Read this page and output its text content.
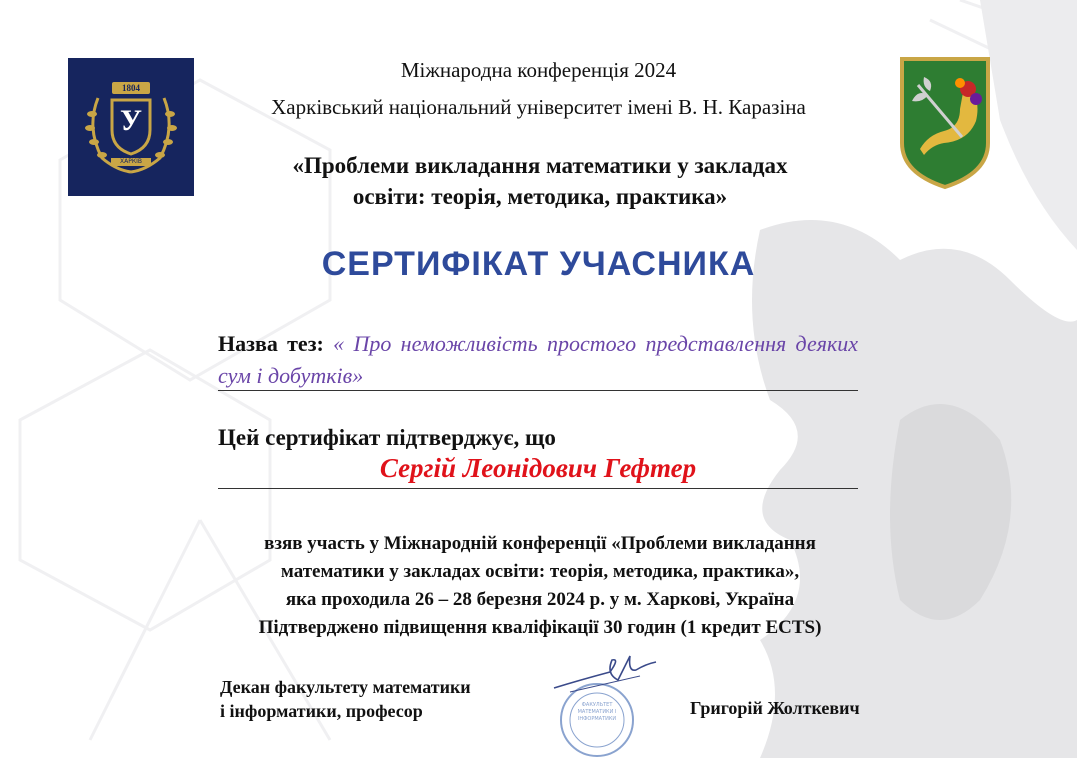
1804
У
ХАРКІВ
Міжнародна конференція 2024
Харківський національний університет імені В. Н. Каразіна
«Проблеми викладання математики у закладах
освіти: теорія, методика, практика»
СЕРТИФІКАТ УЧАСНИКА
Назва тез: « Про неможливість простого представлення деяких сум і добутків»
Цей сертифікат підтверджує, що
Сергій Леонідович Гефтер
взяв участь у Міжнародній конференції «Проблеми викладання
математики у закладах освіти: теорія, методика, практика»,
яка проходила 26 – 28 березня 2024 р. у м. Харкові, Україна
Підтверджено підвищення кваліфікації 30 годин (1 кредит ECTS)
Декан факультету математики
і інформатики, професор	ФАКУЛЬТЕТ МАТЕМАТИКИ І ІНФОРМАТИКИ
Григорій Жолткевич
